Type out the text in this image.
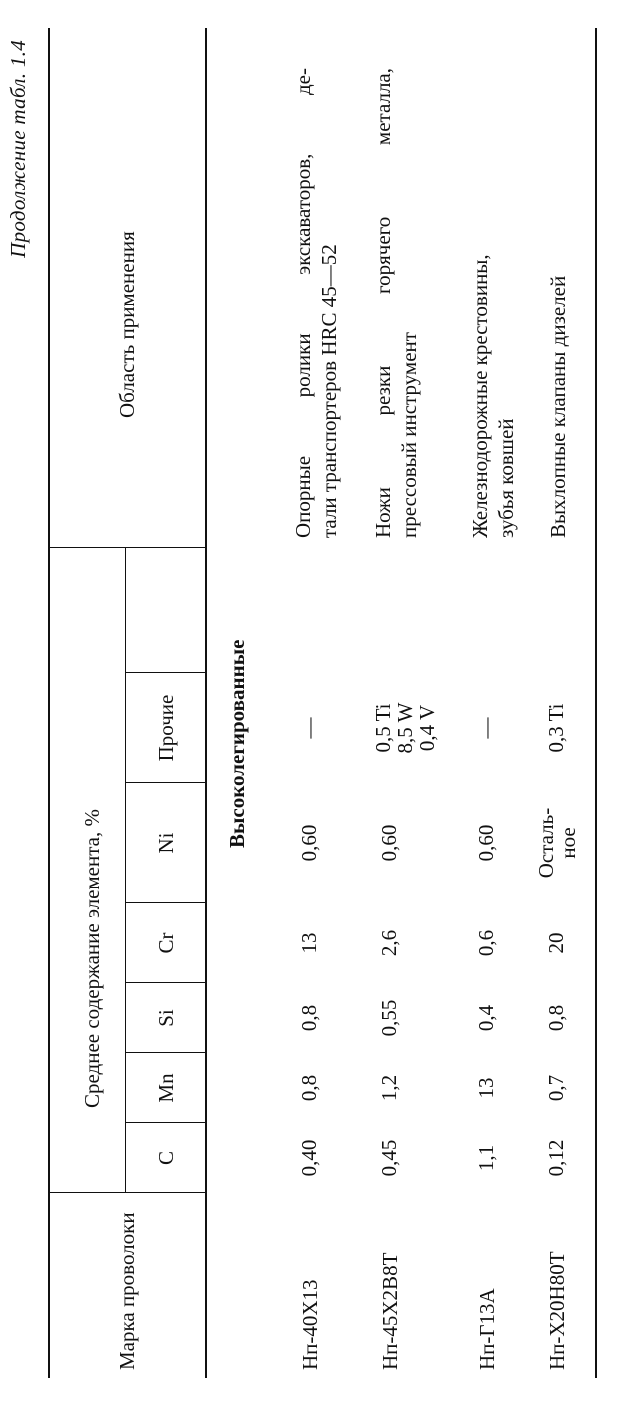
Продолжение табл. 1.4
Марка проволоки
Среднее содержание элемента, %
C
Mn
Si
Cr
Ni
Прочие
Область применения
Высоколегированные
Нп-40Х13
0,40
0,8
0,8
13
0,60
—
Опорные ролики экскаваторов, де- тали транспортеров HRC 45—52
Нп-45Х2В8Т
0,45
1,2
0,55
2,6
0,60
0,5 Ti
8,5 W
0,4 V
Ножи резки горячего металла, прессовый инструмент
Нп-Г13А
1,1
13
0,4
0,6
0,60
—
Железнодорожные крестовины, зубья ковшей
Нп-Х20Н80Т
0,12
0,7
0,8
20
Осталь-ное
0,3 Ti
Выхлопные клапаны дизелей
